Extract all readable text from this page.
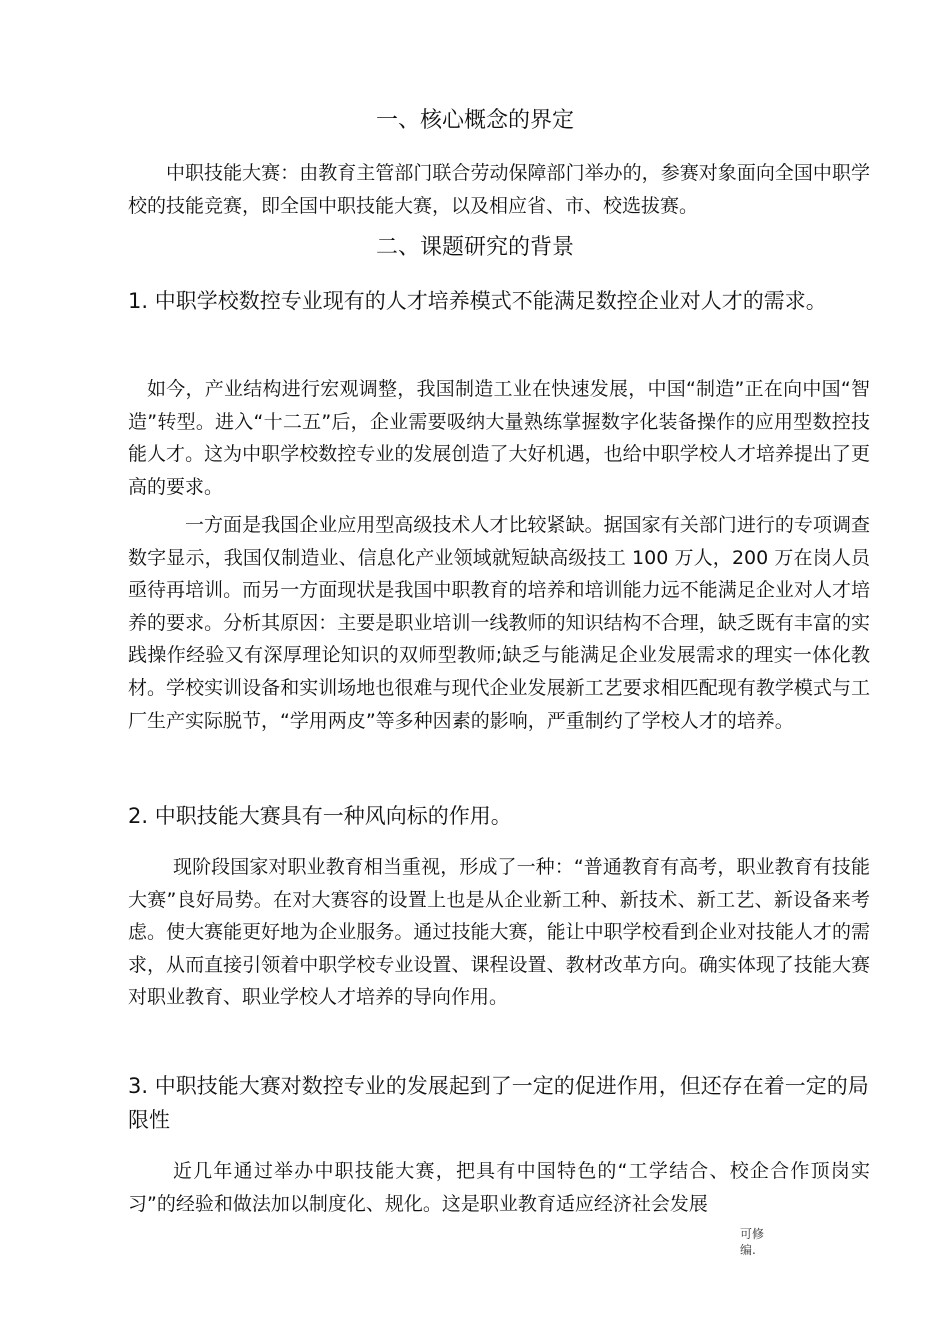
一、核心概念的界定

中职技能大赛：由教育主管部门联合劳动保障部门举办的，参赛对象面向全国中职学校的技能竞赛，即全国中职技能大赛，以及相应省、市、校选拔赛。

二、课题研究的背景
1. 中职学校数控专业现有的人才培养模式不能满足数控企业对人才的需求。

如今，产业结构进行宏观调整，我国制造工业在快速发展，中国“制造”正在向中国“智造”转型。进入“十二五”后，企业需要吸纳大量熟练掌握数字化装备操作的应用型数控技能人才。这为中职学校数控专业的发展创造了大好机遇，也给中职学校人才培养提出了更高的要求。

一方面是我国企业应用型高级技术人才比较紧缺。据国家有关部门进行的专项调查数字显示，我国仅制造业、信息化产业领域就短缺高级技工 100 万人，200 万在岗人员亟待再培训。而另一方面现状是我国中职教育的培养和培训能力远不能满足企业对人才培养的要求。分析其原因：主要是职业培训一线教师的知识结构不合理，缺乏既有丰富的实践操作经验又有深厚理论知识的双师型教师;缺乏与能满足企业发展需求的理实一体化教材。学校实训设备和实训场地也很难与现代企业发展新工艺要求相匹配现有教学模式与工厂生产实际脱节，“学用两皮”等多种因素的影响，严重制约了学校人才的培养。

2. 中职技能大赛具有一种风向标的作用。

现阶段国家对职业教育相当重视，形成了一种：“普通教育有高考，职业教育有技能大赛”良好局势。在对大赛容的设置上也是从企业新工种、新技术、新工艺、新设备来考虑。使大赛能更好地为企业服务。通过技能大赛，能让中职学校看到企业对技能人才的需求，从而直接引领着中职学校专业设置、课程设置、教材改革方向。确实体现了技能大赛对职业教育、职业学校人才培养的导向作用。

3. 中职技能大赛对数控专业的发展起到了一定的促进作用，但还存在着一定的局限性

近几年通过举办中职技能大赛，把具有中国特色的“工学结合、校企合作顶岗实习”的经验和做法加以制度化、规化。这是职业教育适应经济社会发展

可修
编.
